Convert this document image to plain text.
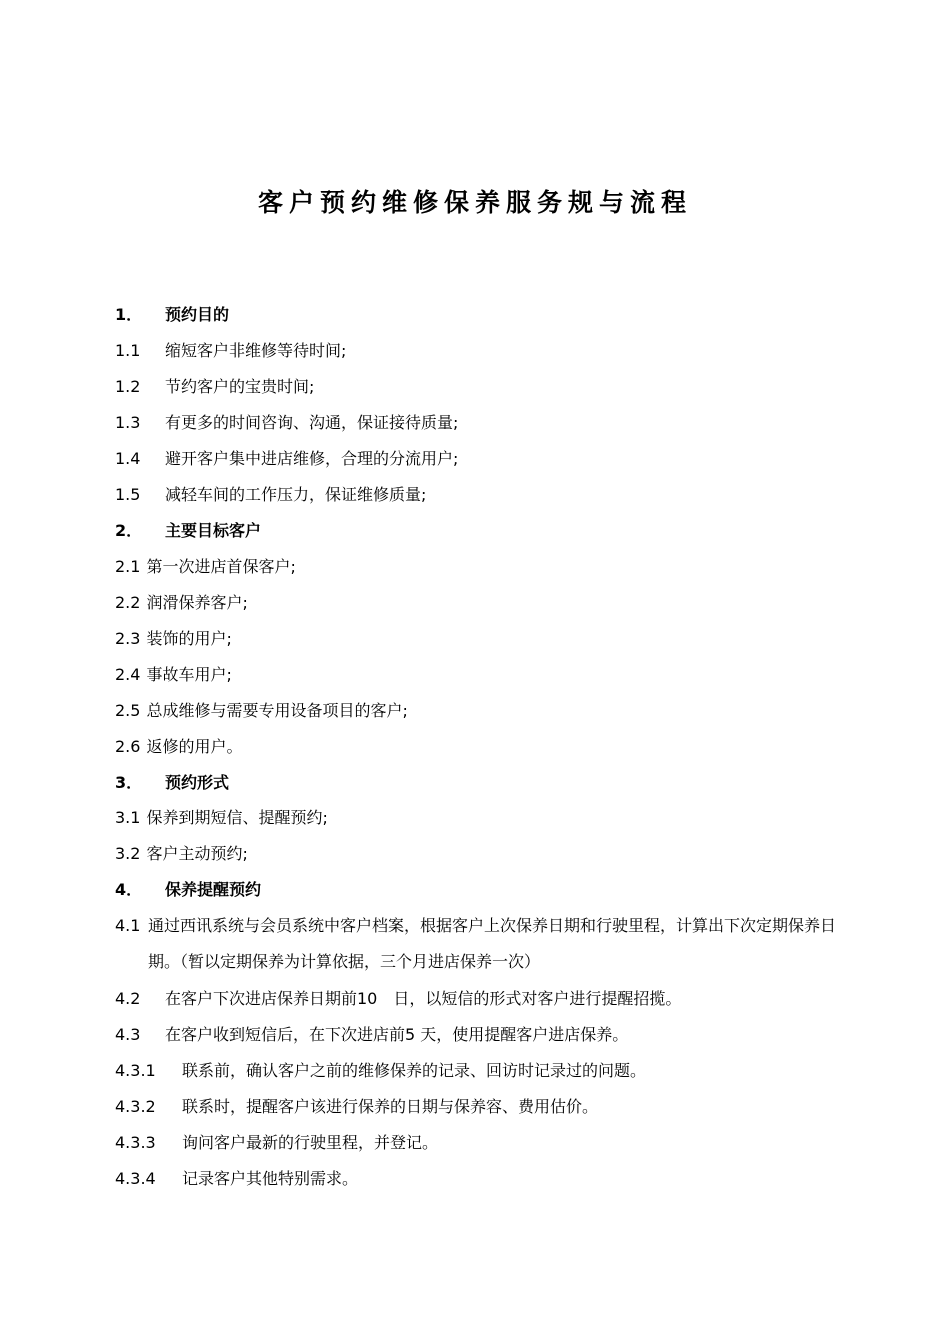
客户预约维修保养服务规与流程
1． 预约目的
1.1 缩短客户非维修等待时间;
1.2 节约客户的宝贵时间;
1.3 有更多的时间咨询、沟通，保证接待质量;
1.4 避开客户集中进店维修，合理的分流用户;
1.5 减轻车间的工作压力，保证维修质量;
2． 主要目标客户
2.1 第一次进店首保客户;
2.2 润滑保养客户;
2.3 装饰的用户;
2.4 事故车用户;
2.5 总成维修与需要专用设备项目的客户;
2.6 返修的用户。
3． 预约形式
3.1 保养到期短信、提醒预约;
3.2 客户主动预约;
4． 保养提醒预约
4.1 通过西讯系统与会员系统中客户档案，根据客户上次保养日期和行驶里程，计算出下次定期保养日期。（暂以定期保养为计算依据，三个月进店保养一次）
4.2 在客户下次进店保养日期前10　日，以短信的形式对客户进行提醒招揽。
4.3 在客户收到短信后，在下次进店前5 天，使用提醒客户进店保养。
4.3.1 联系前，确认客户之前的维修保养的记录、回访时记录过的问题。
4.3.2 联系时，提醒客户该进行保养的日期与保养容、费用估价。
4.3.3 询问客户最新的行驶里程，并登记。
4.3.4 记录客户其他特别需求。
